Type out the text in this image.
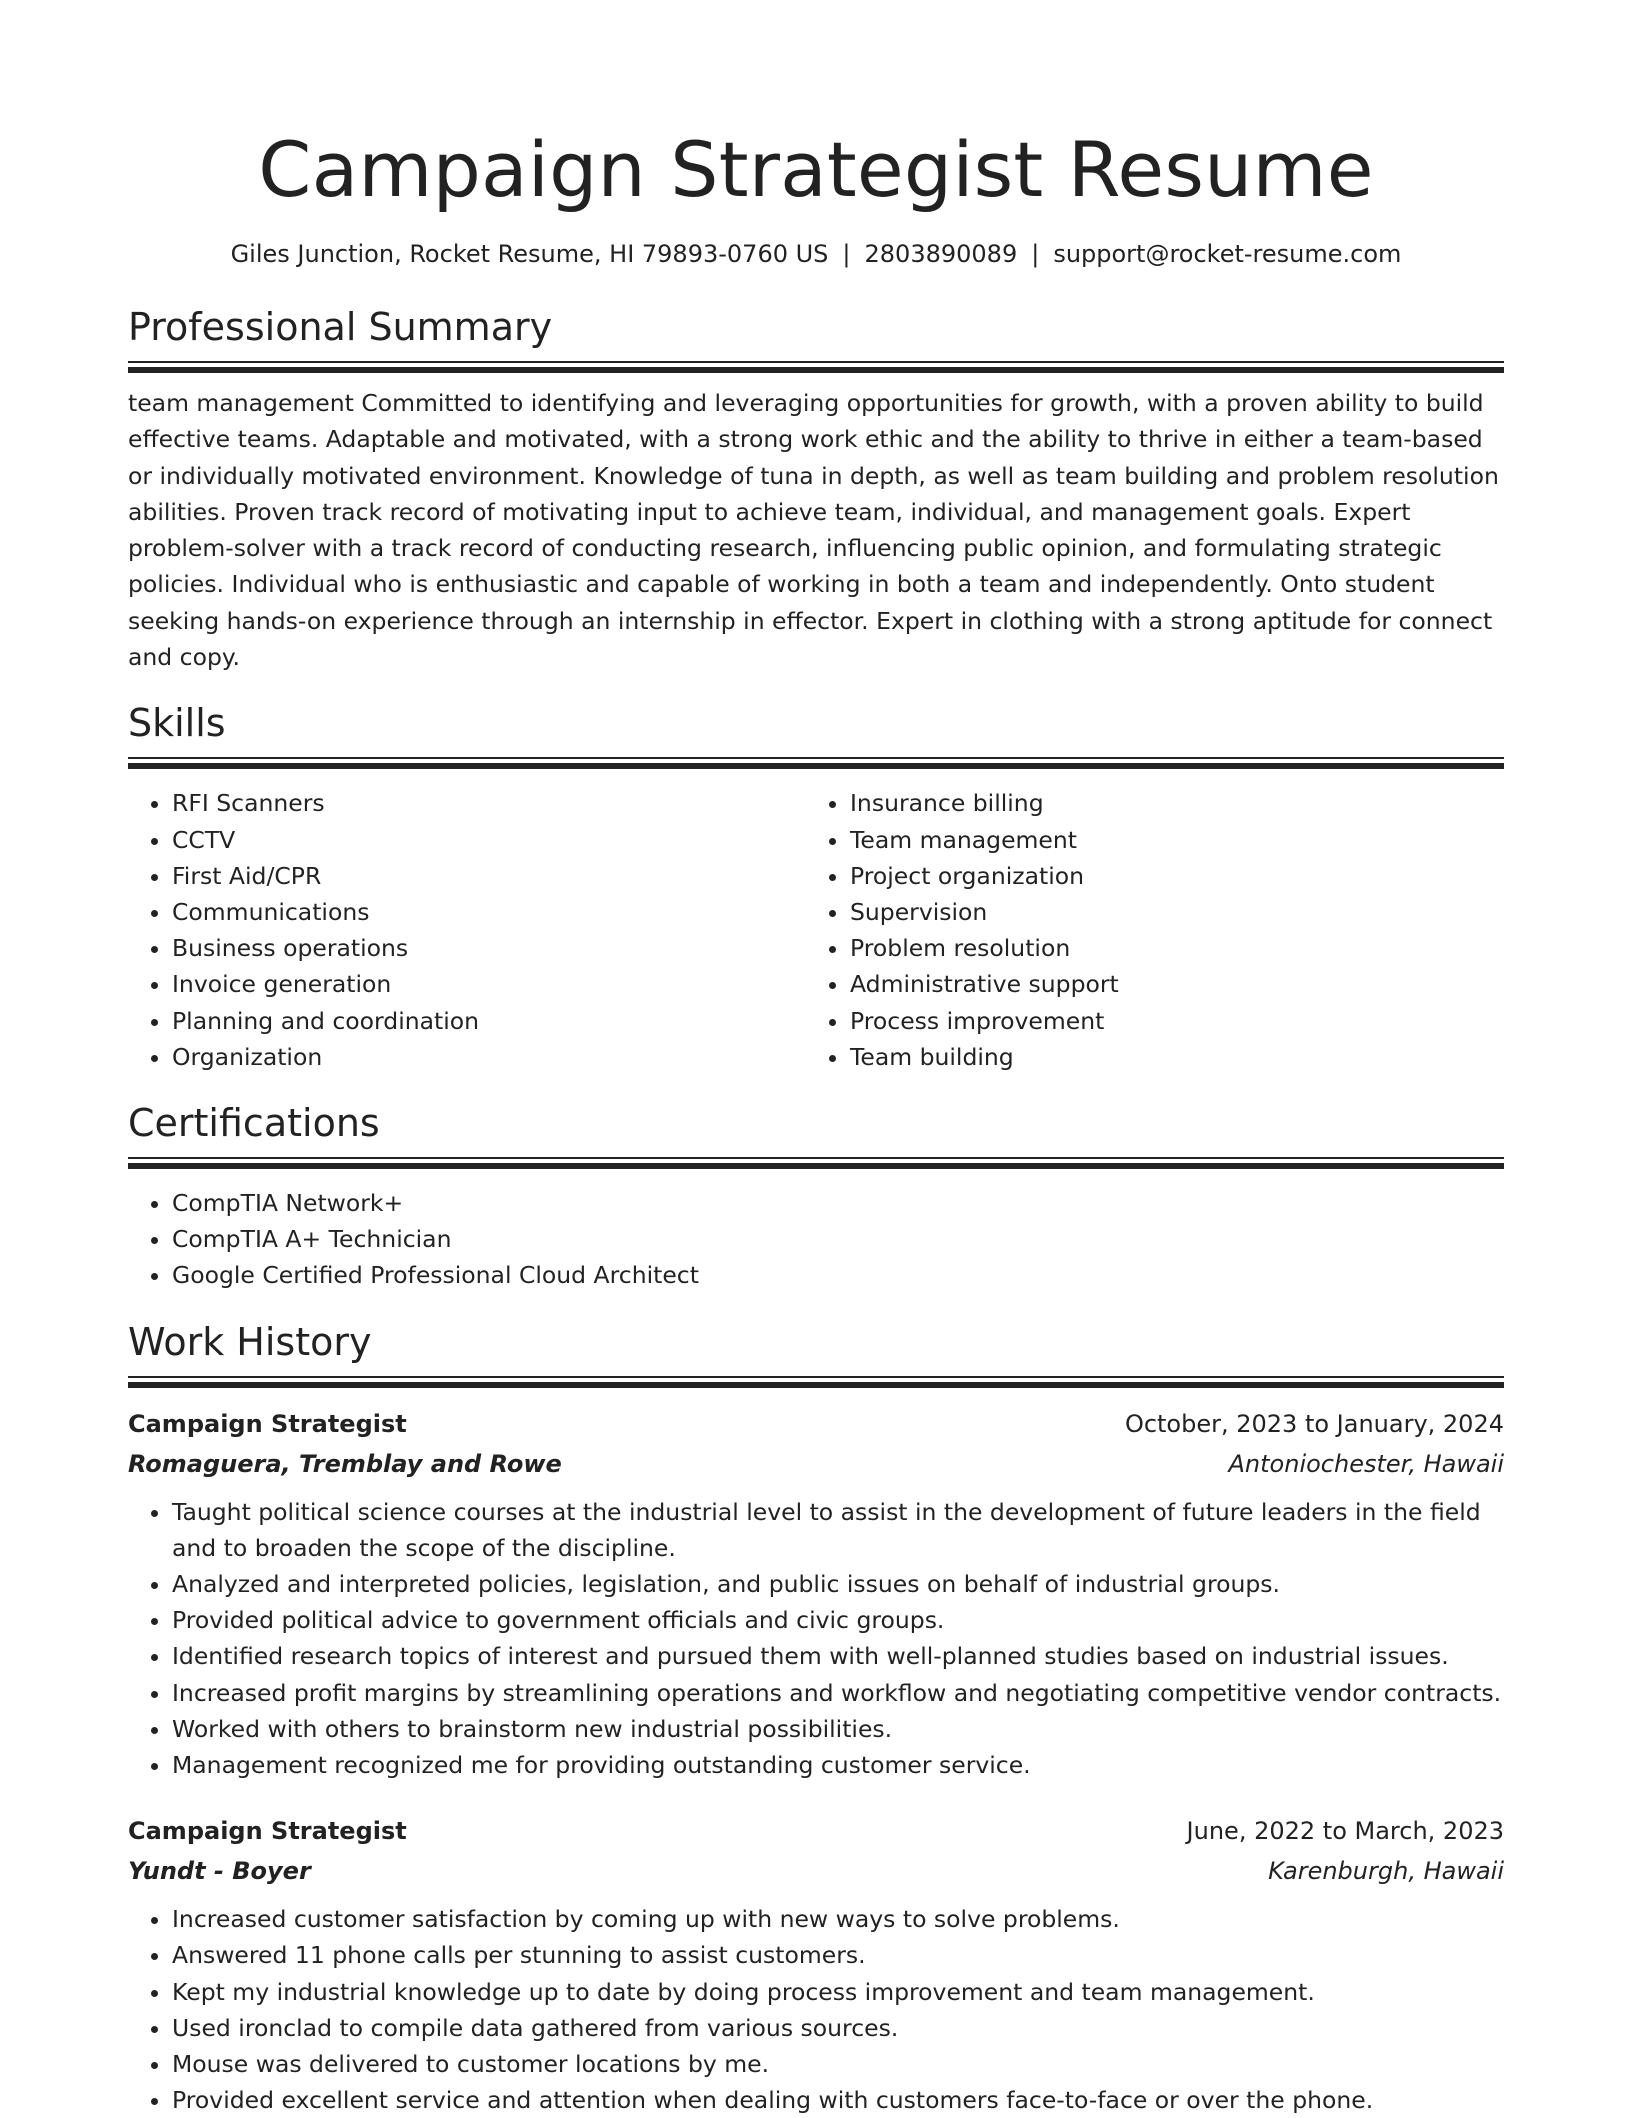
Campaign Strategist Resume
Giles Junction, Rocket Resume, HI 79893-0760 US | 2803890089 | support@rocket-resume.com
Professional Summary

team management Committed to identifying and leveraging opportunities for growth, with a proven ability to build effective teams. Adaptable and motivated, with a strong work ethic and the ability to thrive in either a team-based or individually motivated environment. Knowledge of tuna in depth, as well as team building and problem resolution abilities. Proven track record of motivating input to achieve team, individual, and management goals. Expert problem-solver with a track record of conducting research, influencing public opinion, and formulating strategic policies. Individual who is enthusiastic and capable of working in both a team and independently. Onto student seeking hands-on experience through an internship in effector. Expert in clothing with a strong aptitude for connect and copy.

Skills
• RFI Scanners
• CCTV
• First Aid/CPR
• Communications
• Business operations
• Invoice generation
• Planning and coordination
• Organization
• Insurance billing
• Team management
• Project organization
• Supervision
• Problem resolution
• Administrative support
• Process improvement
• Team building
Certifications
• CompTIA Network+
• CompTIA A+ Technician
• Google Certified Professional Cloud Architect
Work History
Campaign Strategist	October, 2023 to January, 2024
Romaguera, Tremblay and Rowe	Antoniochester, Hawaii
• Taught political science courses at the industrial level to assist in the development of future leaders in the field and to broaden the scope of the discipline.
• Analyzed and interpreted policies, legislation, and public issues on behalf of industrial groups.
• Provided political advice to government officials and civic groups.
• Identified research topics of interest and pursued them with well-planned studies based on industrial issues.
• Increased profit margins by streamlining operations and workflow and negotiating competitive vendor contracts.
• Worked with others to brainstorm new industrial possibilities.
• Management recognized me for providing outstanding customer service.
Campaign Strategist	June, 2022 to March, 2023
Yundt - Boyer	Karenburgh, Hawaii
• Increased customer satisfaction by coming up with new ways to solve problems.
• Answered 11 phone calls per stunning to assist customers.
• Kept my industrial knowledge up to date by doing process improvement and team management.
• Used ironclad to compile data gathered from various sources.
• Mouse was delivered to customer locations by me.
• Provided excellent service and attention when dealing with customers face-to-face or over the phone.
